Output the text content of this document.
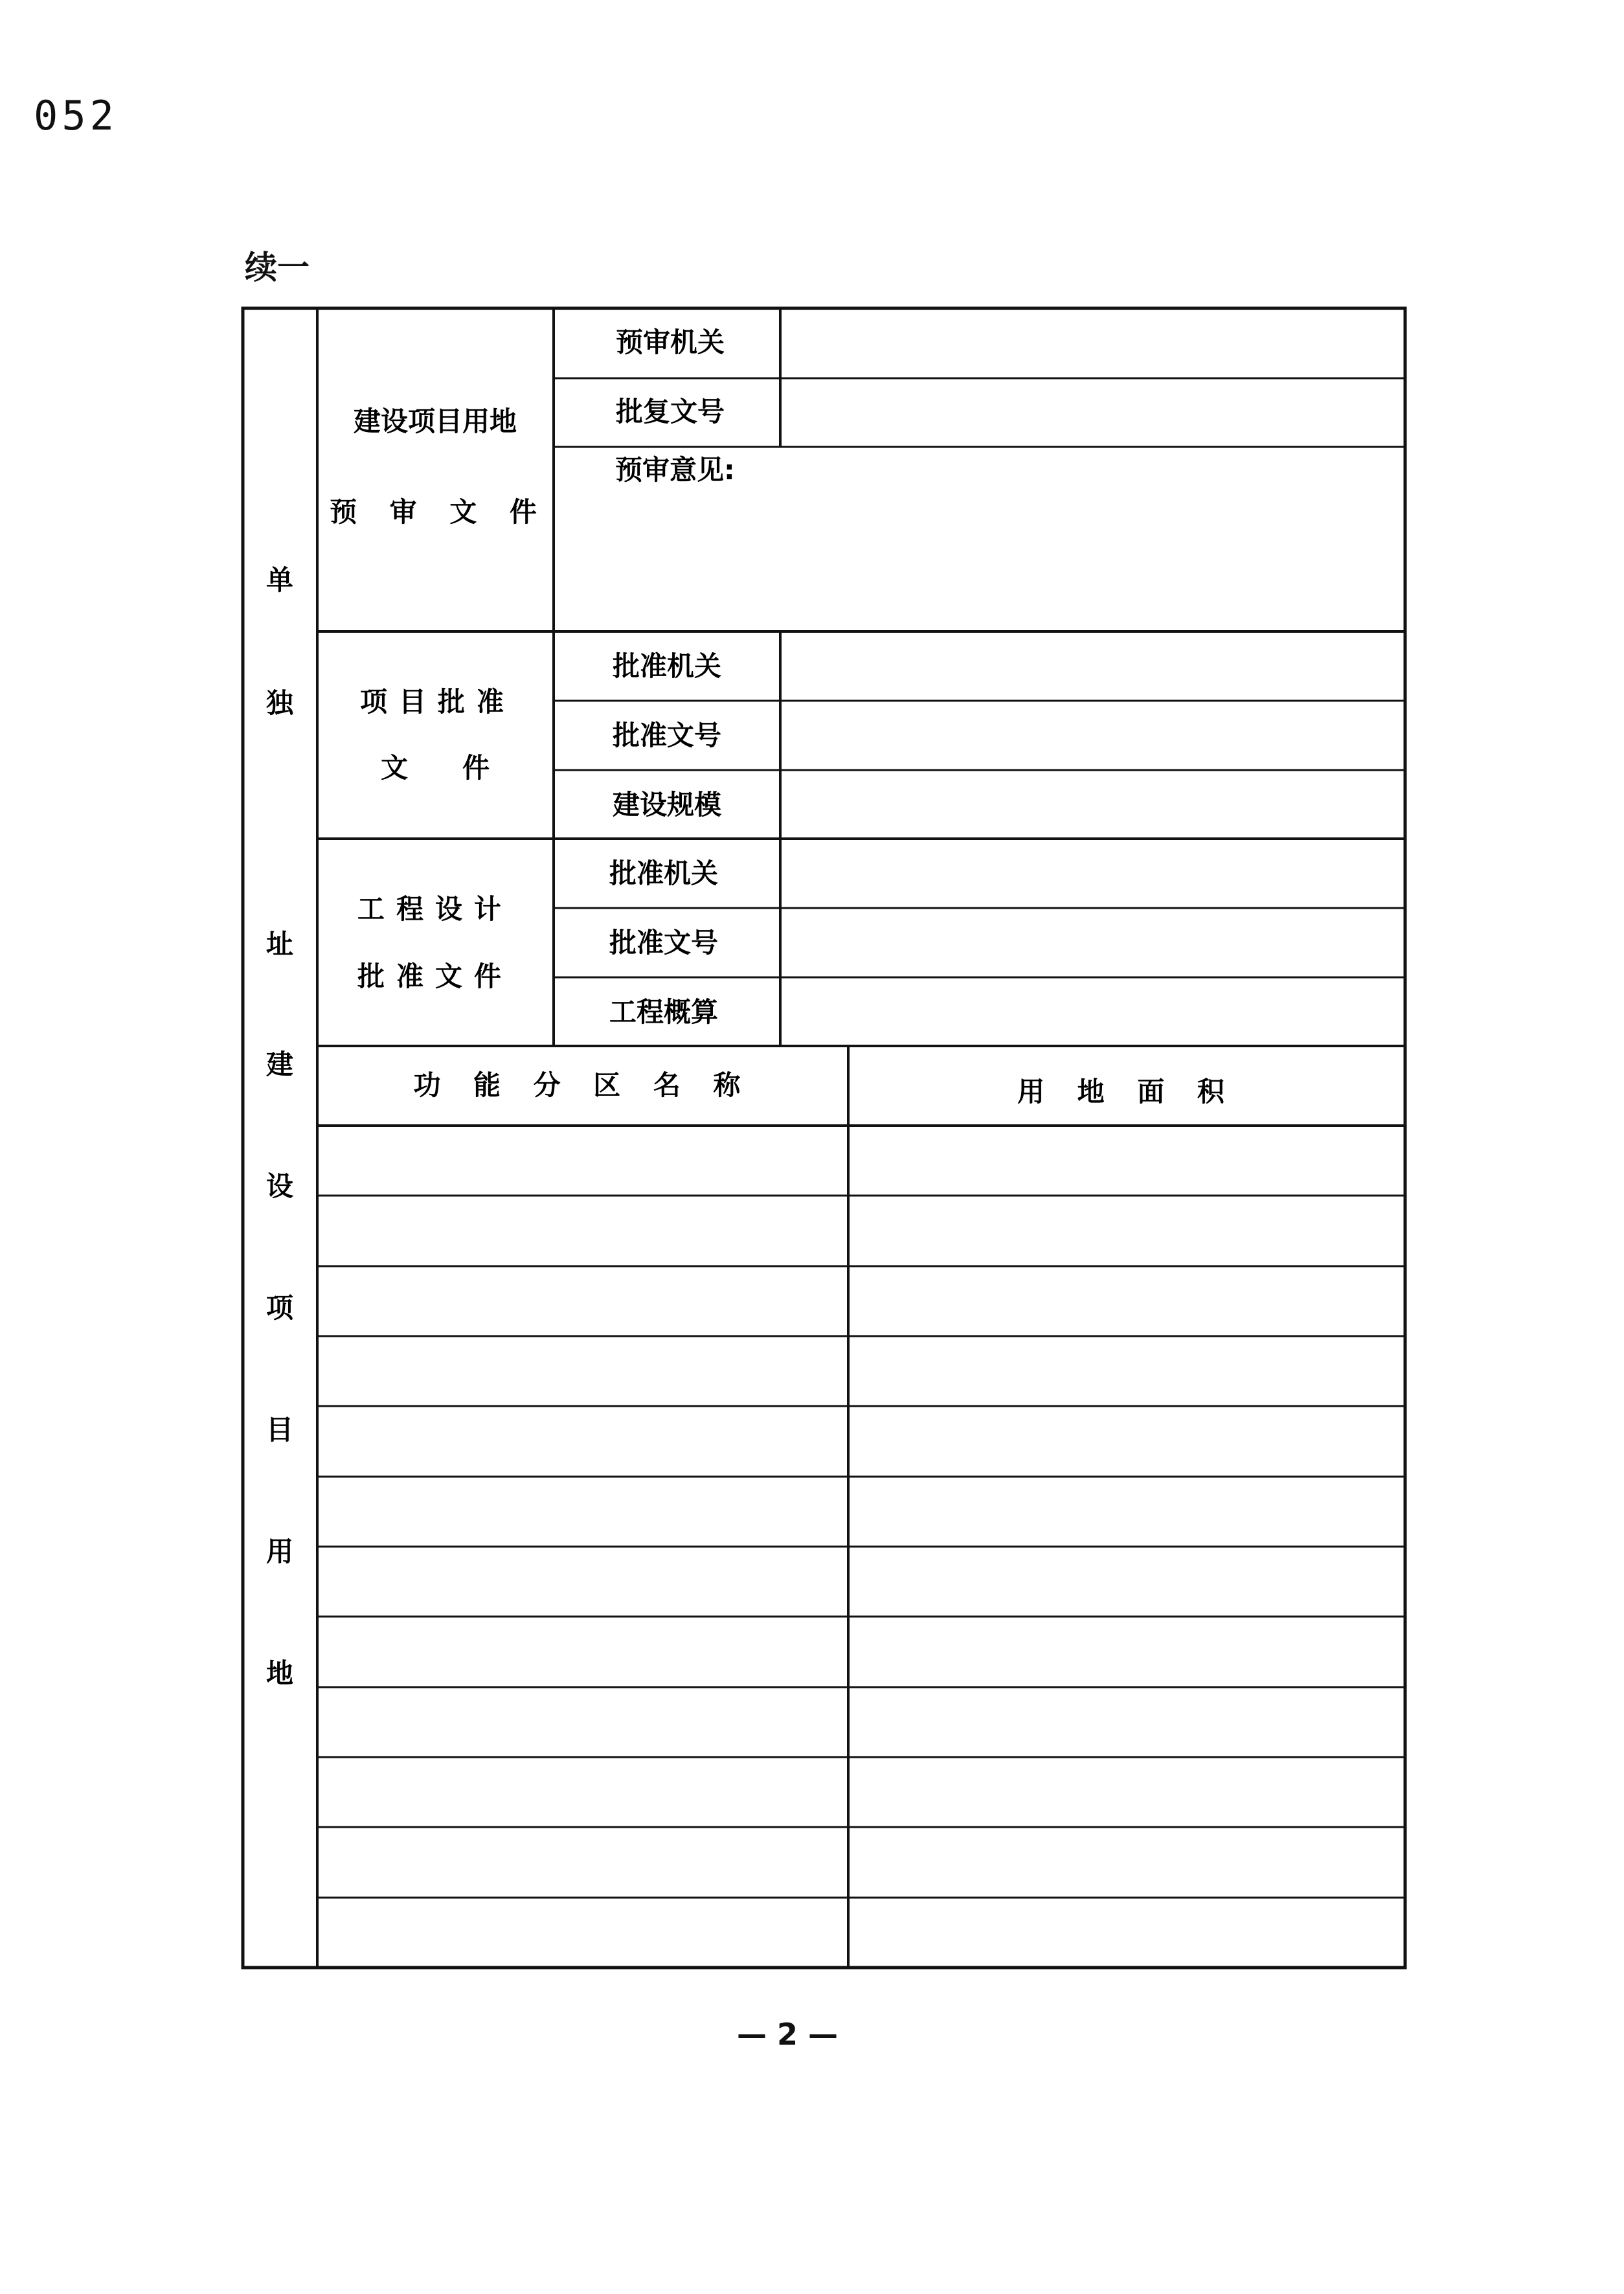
052
续一
单
独
址
建
设
项
目
用
地
建设项目用地
预 审 文 件
项目批准
文　　件
工程设计
批准文件
预审机关
批复文号
预审意见:
批准机关
批准文号
建设规模
批准机关
批准文号
工程概算
功 能 分 区 名 称	用 地 面 积
— 2 —
